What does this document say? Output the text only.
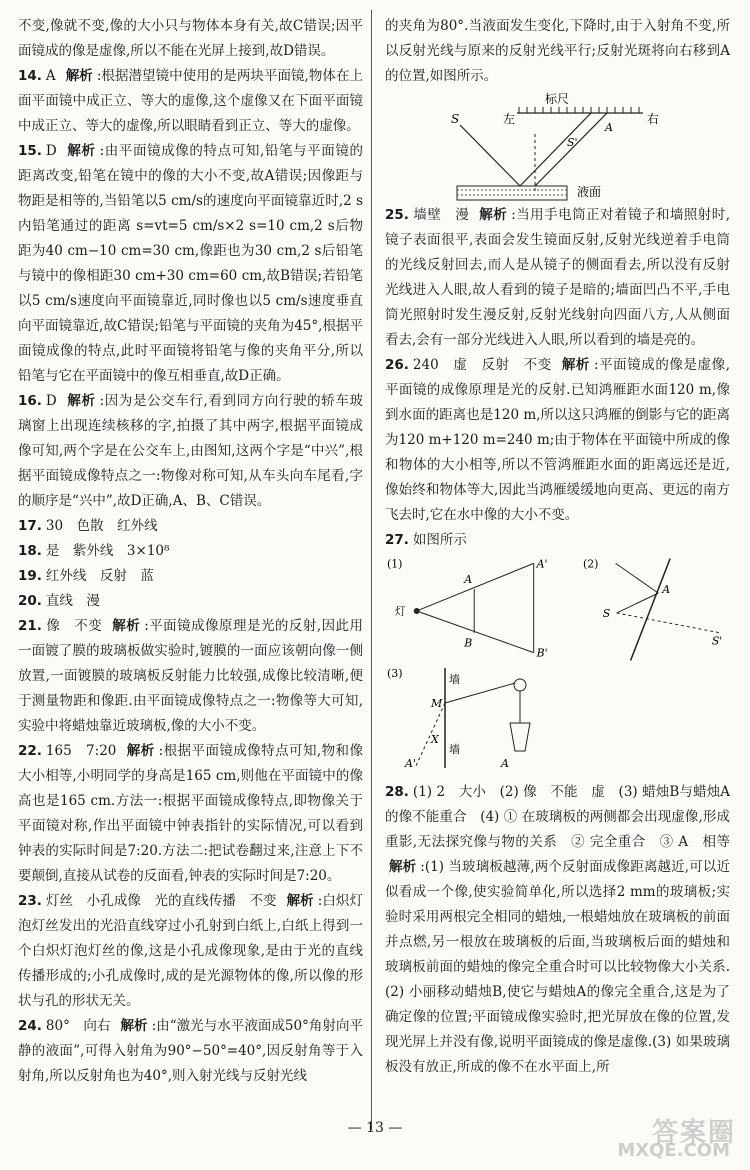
不变,像就不变,像的大小只与物体本身有关,故C错误;因平面镜成的像是虚像,所以不能在光屏上接到,故D错误。
14. A 解析 :根据潜望镜中使用的是两块平面镜,物体在上面平面镜中成正立、等大的虚像,这个虚像又在下面平面镜中成正立、等大的虚像,所以眼睛看到正立、等大的虚像。
15. D 解析 :由平面镜成像的特点可知,铅笔与平面镜的距离改变,铅笔在镜中的像的大小不变,故A错误;因像距与物距是相等的,当铅笔以5 cm/s的速度向平面镜靠近时,2 s内铅笔通过的距离 s=vt=5 cm/s×2 s=10 cm,2 s后物距为40 cm−10 cm=30 cm,像距也为30 cm,2 s后铅笔与镜中的像相距30 cm+30 cm=60 cm,故B错误;若铅笔以5 cm/s速度向平面镜靠近,同时像也以5 cm/s速度垂直向平面镜靠近,故C错误;铅笔与平面镜的夹角为45°,根据平面镜成像的特点,此时平面镜将铅笔与像的夹角平分,所以铅笔与它在平面镜中的像互相垂直,故D正确。
16. D 解析 :因为是公交车行,看到同方向行驶的轿车玻璃窗上出现连续核移的字,拍摄了其中两字,根据平面镜成像可知,两个字是在公交车上,由图知,这两个字是“中兴”,根据平面镜成像特点之一:物像对称可知,从车头向车尾看,字的顺序是“兴中”,故D正确,A、B、C错误。
17. 30　色散　红外线
18. 是　紫外线　3×10⁸
19. 红外线　反射　蓝
20. 直线　漫
21. 像　不变 解析 :平面镜成像原理是光的反射,因此用一面镀了膜的玻璃板做实验时,镀膜的一面应该朝向像一侧放置,一面镀膜的玻璃板反射能力比较强,成像比较清晰,便于测量物距和像距.由平面镜成像特点之一:物像等大可知,实验中将蜡烛靠近玻璃板,像的大小不变。
22. 165　7:20 解析 :根据平面镜成像特点可知,物和像大小相等,小明同学的身高是165 cm,则他在平面镜中的像高也是165 cm.方法一:根据平面镜成像特点,即物像关于平面镜对称,作出平面镜中钟表指针的实际情况,可以看到钟表的实际时间是7:20.方法二:把试卷翻过来,注意上下不要颠倒,直接从试卷的反面看,钟表的实际时间是7:20。
23. 灯丝　小孔成像　光的直线传播　不变 解析 :白炽灯泡灯丝发出的光沿直线穿过小孔射到白纸上,白纸上得到一个白炽灯泡灯丝的像,这是小孔成像现象,是由于光的直线传播形成的;小孔成像时,成的是光源物体的像,所以像的形状与孔的形状无关。
24. 80°　向右 解析 :由“激光与水平液面成50°角射向平静的液面”,可得入射角为90°−50°=40°,因反射角等于入射角,所以反射角也为40°,则入射光线与反射光线
的夹角为80°.当液面发生变化,下降时,由于入射角不变,所以反射光线与原来的反射光线平行;反射光斑将向右移到A的位置,如图所示。
标尺
左	右
S
S'
A
液面
25. 墙壁　漫 解析 :当用手电筒正对着镜子和墙照射时,镜子表面很平,表面会发生镜面反射,反射光线逆着手电筒的光线反射回去,而人是从镜子的侧面看去,所以没有反射光线进入人眼,故人看到的镜子是暗的;墙面凹凸不平,手电筒光照射时发生漫反射,反射光线射向四面八方,人从侧面看去,会有一部分光线进入人眼,所以看到的墙是亮的。
26. 240　虚　反射　不变 解析 :平面镜成的像是虚像,平面镜的成像原理是光的反射.已知鸿雁距水面120 m,像到水面的距离也是120 m,所以这只鸿雁的倒影与它的距离为120 m+120 m=240 m;由于物体在平面镜中所成的像和物体的大小相等,所以不管鸿雁距水面的距离远还是近,像始终和物体等大,因此当鸿雁缓缓地向更高、更远的南方飞去时,它在水中像的大小不变。
27. 如图所示
(1)
灯
A
A'
B
B'
(2)
S
A
S'
(3)	墙
M
X
A'	A
墙
28. (1) 2　大小　(2) 像　不能　虚　(3) 蜡烛B与蜡烛A的像不能重合　(4) ① 在玻璃板的两侧都会出现虚像,形成重影,无法探究像与物的关系　② 完全重合　③ A　相等解析 :(1) 当玻璃板越薄,两个反射面成像距离越近,可以近似看成一个像,使实验简单化,所以选择2 mm的玻璃板;实验时采用两根完全相同的蜡烛,一根蜡烛放在玻璃板的前面并点燃,另一根放在玻璃板的后面,当玻璃板后面的蜡烛和玻璃板前面的蜡烛的像完全重合时可以比较物像大小关系.(2) 小丽移动蜡烛B,使它与蜡烛A的像完全重合,这是为了确定像的位置;平面镜成像实验时,把光屏放在像的位置,发现光屏上并没有像,说明平面镜成的像是虚像.(3) 如果玻璃板没有放正,所成的像不在水平面上,所
— 13 —	答案圈
MXQE.COM
